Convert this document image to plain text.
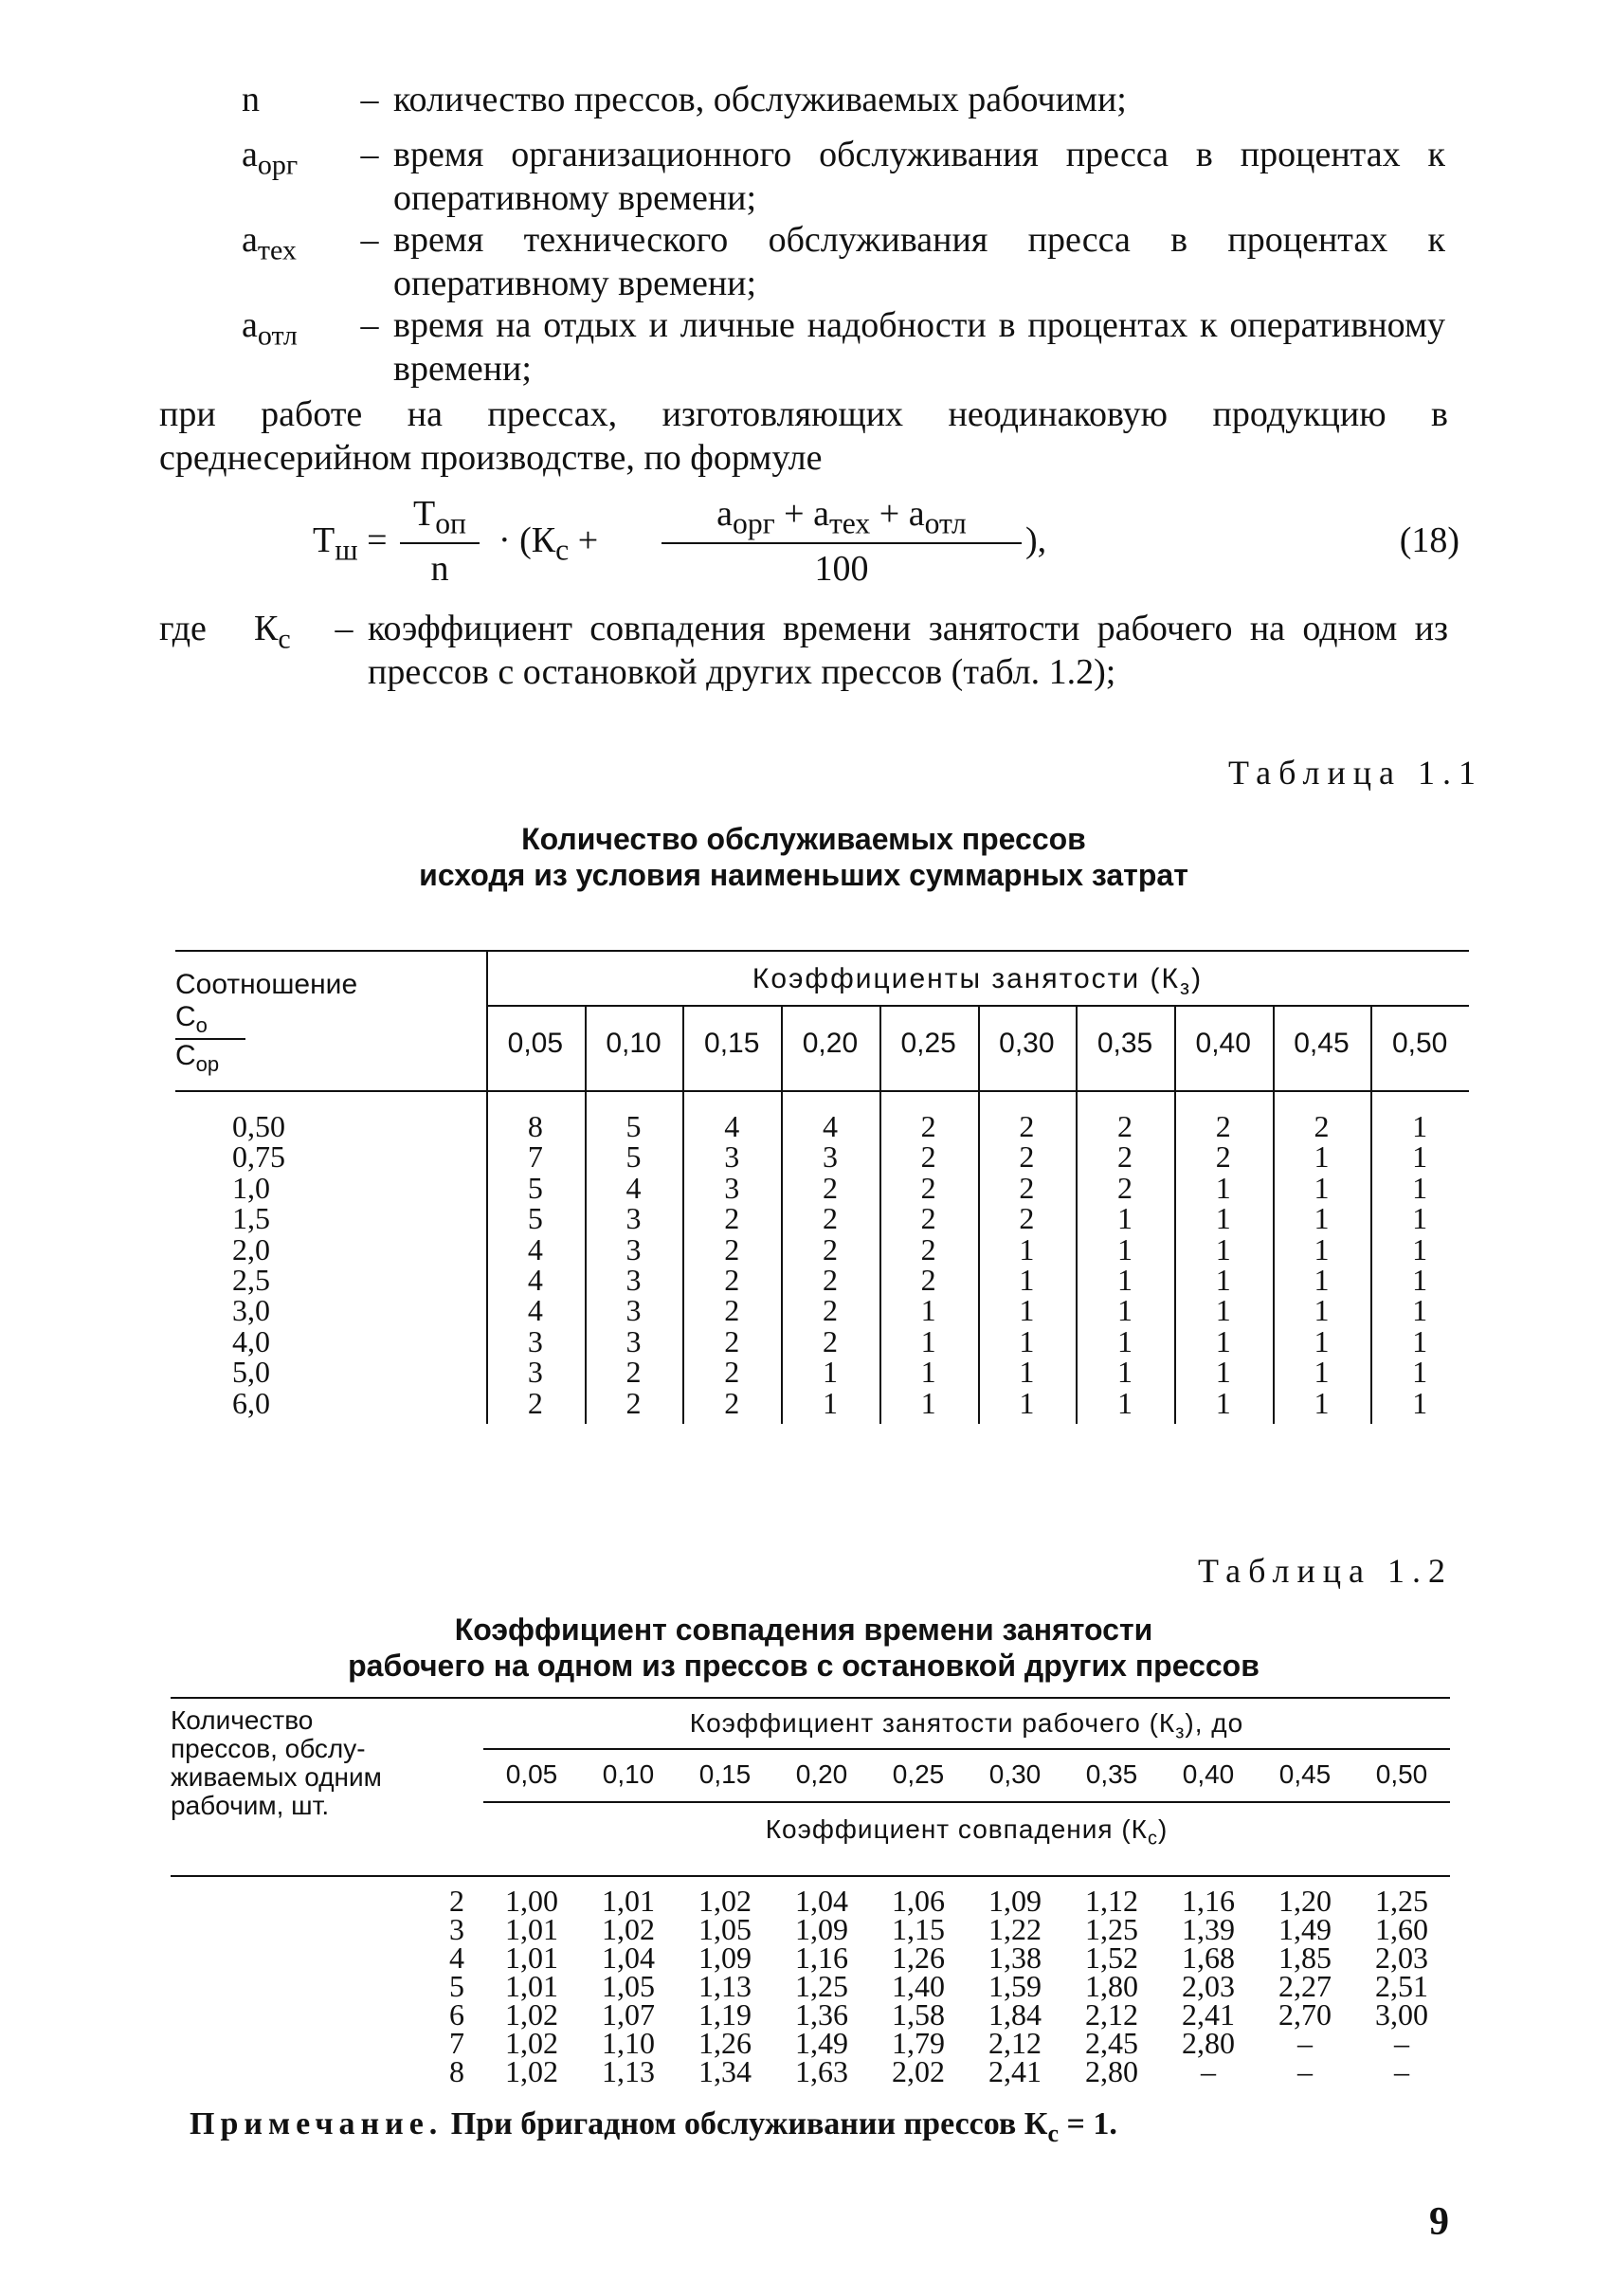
n	– количество прессов, обслуживаемых рабочими;
$a_{орг}$	– время организационного обслуживания пресса в процентах к оперативному времени;
$a_{тех}$	– время технического обслуживания пресса в процентах к оперативному времени;
$a_{отл}$	– время на отдых и личные надобности в процентах к оперативному времени;
при работе на прессах, изготовляющих неодинаковую продукцию в среднесерийном производстве, по формуле
$Т_ш$ =
$Т_{оп}$
n
· ($К_с$ +
$a_{орг} + a_{тех} + a_{отл}$
100
),	(18)
где	$К_с$	– коэффициент совпадения времени занятости рабочего на одном из прессов с остановкой других прессов (табл. 1.2);
Таблица 1.1
Количество обслуживаемых прессов
исходя из условия наименьших суммарных затрат
Соотношение
$С_о$
$С_{ор}$
Коэффициенты занятости $(К_з)$
0,05	0,10	0,15	0,20	0,25	0,30	0,35	0,40	0,45	0,50
0,50	8	5	4	4	2	2	2	2	2	1
0,75	7	5	3	3	2	2	2	2	1	1
1,0	5	4	3	2	2	2	2	1	1	1
1,5	5	3	2	2	2	2	1	1	1	1
2,0	4	3	2	2	2	1	1	1	1	1
2,5	4	3	2	2	2	1	1	1	1	1
3,0	4	3	2	2	1	1	1	1	1	1
4,0	3	3	2	2	1	1	1	1	1	1
5,0	3	2	2	1	1	1	1	1	1	1
6,0	2	2	2	1	1	1	1	1	1	1
Таблица 1.2
Коэффициент совпадения времени занятости
рабочего на одном из прессов с остановкой других прессов
Количество
прессов, обслу-
живаемых одним
рабочим, шт.
Коэффициент занятости рабочего $(К_з)$, до
0,05	0,10	0,15	0,20	0,25	0,30	0,35	0,40	0,45	0,50
Коэффициент совпадения $(К_с)$
2	1,00	1,01	1,02	1,04	1,06	1,09	1,12	1,16	1,20	1,25
3	1,01	1,02	1,05	1,09	1,15	1,22	1,25	1,39	1,49	1,60
4	1,01	1,04	1,09	1,16	1,26	1,38	1,52	1,68	1,85	2,03
5	1,01	1,05	1,13	1,25	1,40	1,59	1,80	2,03	2,27	2,51
6	1,02	1,07	1,19	1,36	1,58	1,84	2,12	2,41	2,70	3,00
7	1,02	1,10	1,26	1,49	1,79	2,12	2,45	2,80	–	–
8	1,02	1,13	1,34	1,63	2,02	2,41	2,80	–	–	–
Примечание. При бригадном обслуживании прессов $К_с = 1$.
9
